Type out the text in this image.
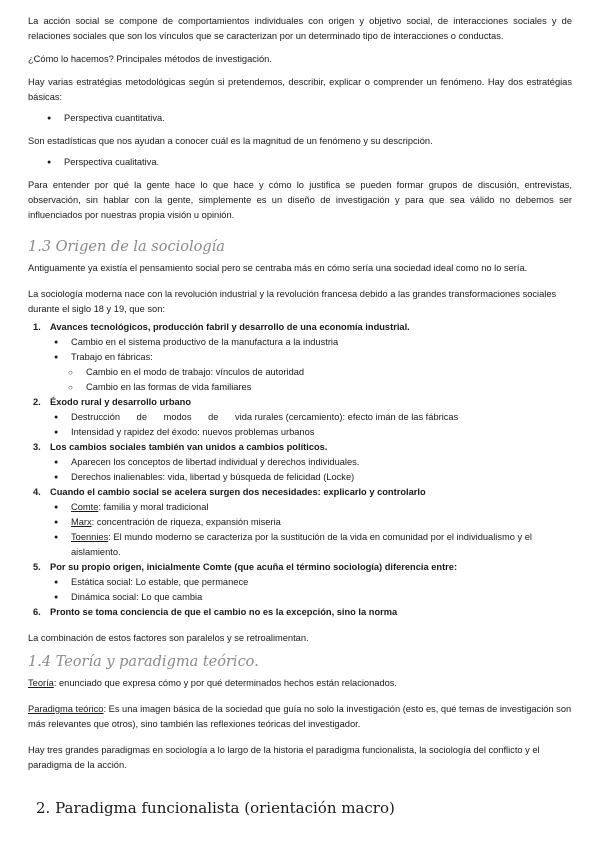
La acción social se compone de comportamientos individuales con origen y objetivo social, de interacciones sociales y de relaciones sociales que son los vínculos que se caracterizan por un determinado tipo de interacciones o conductas.

¿Cómo lo hacemos? Principales métodos de investigación.

Hay varias estratégias metodológicas según si pretendemos, describir, explicar o comprender un fenómeno. Hay dos estratégias básicas:

● Perspectiva cuantitativa.

Son estadísticas que nos ayudan a conocer cuál es la magnitud de un fenómeno y su descripción.

● Perspectiva cualitativa.

Para entender por qué la gente hace lo que hace y cómo lo justifica se pueden formar grupos de discusión, entrevistas, observación, sin hablar con la gente, simplemente es un diseño de investigación y para que sea válido no debemos ser influenciados por nuestras propia visión u opinión.

1.3 Origen de la sociología

Antiguamente ya existía el pensamiento social pero se centraba más en cómo sería una sociedad ideal como no lo sería.

La sociología moderna nace con la revolución industrial y la revolución francesa debido a las grandes transformaciones sociales durante el siglo 18 y 19, que son:

1. Avances tecnológicos, producción fabril y desarrollo de una economía industrial.
● Cambio en el sistema productivo de la manufactura a la industria
● Trabajo en fábricas:
○ Cambio en el modo de trabajo: vínculos de autoridad
○ Cambio en las formas de vida familiares
2. Éxodo rural y desarrollo urbano
● Destrucción de modos de vida rurales (cercamiento): efecto imán de las fábricas
● Intensidad y rapidez del éxodo: nuevos problemas urbanos
3. Los cambios sociales también van unidos a cambios políticos.
● Aparecen los conceptos de libertad individual y derechos individuales.
● Derechos inalienables: vida, libertad y búsqueda de felicidad (Locke)
4. Cuando el cambio social se acelera surgen dos necesidades: explicarlo y controlarlo
● Comte: familia y moral tradicional
● Marx: concentración de riqueza, expansión miseria
● Toennies: El mundo moderno se caracteriza por la sustitución de la vida en comunidad por el individualismo y el aislamiento.
5. Por su propio origen, inicialmente Comte (que acuña el término sociología) diferencia entre:
● Estática social: Lo estable, que permanece
● Dinámica social: Lo que cambia
6. Pronto se toma conciencia de que el cambio no es la excepción, sino la norma

La combinación de estos factores son paralelos y se retroalimentan.

1.4 Teoría y paradigma teórico.

Teoría: enunciado que expresa cómo y por qué determinados hechos están relacionados.

Paradigma teórico: Es una imagen básica de la sociedad que guía no solo la investigación (esto es, qué temas de investigación son más relevantes que otros), sino también las reflexiones teóricas del investigador.

Hay tres grandes paradigmas en sociología a lo largo de la historia el paradigma funcionalista, la sociología del conflicto y el paradigma de la acción.

2. Paradigma funcionalista (orientación macro)
